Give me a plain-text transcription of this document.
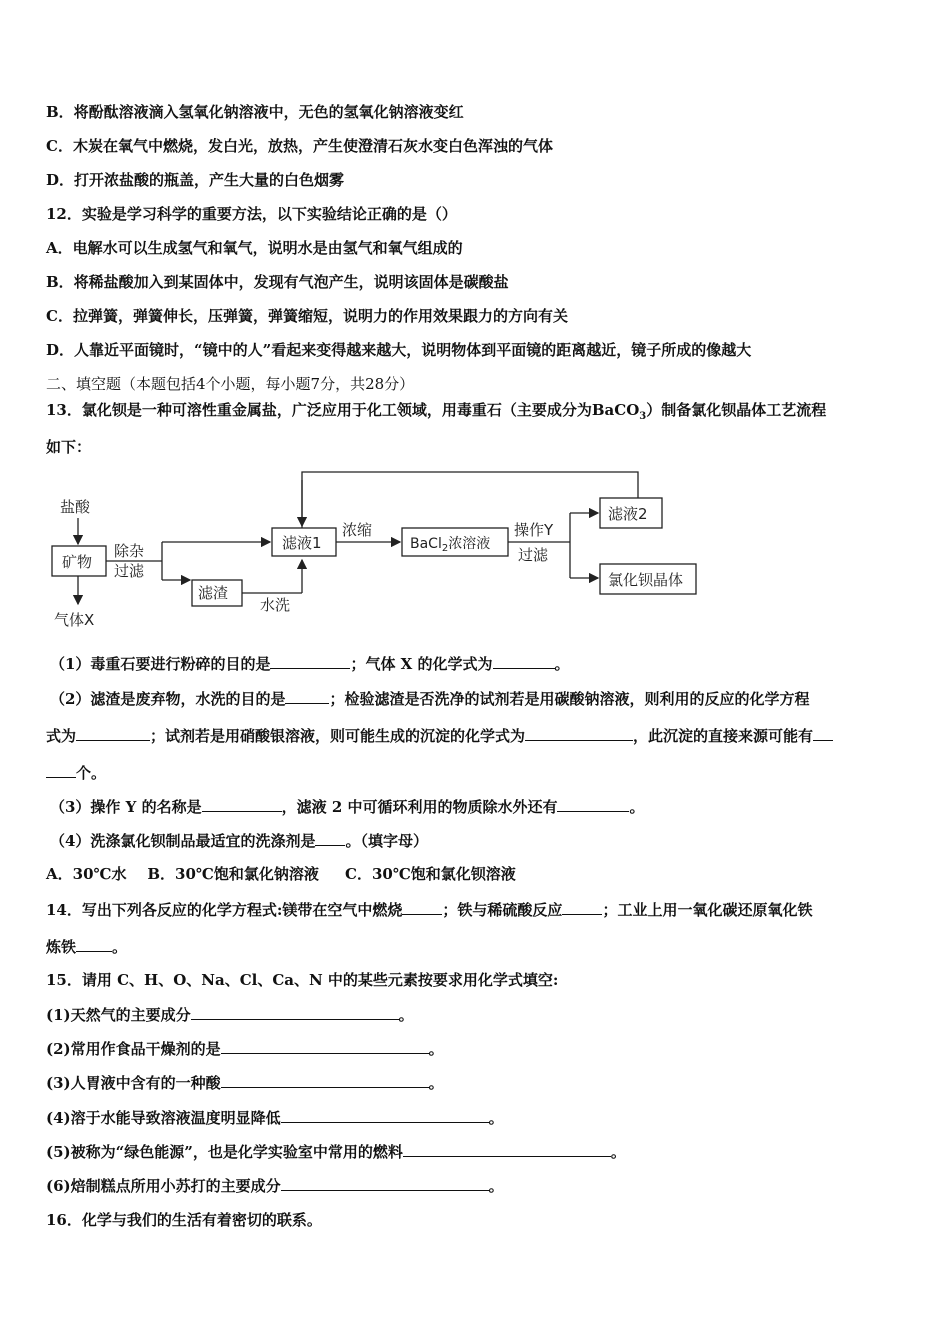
B．将酚酞溶液滴入氢氧化钠溶液中，无色的氢氧化钠溶液变红
C．木炭在氧气中燃烧，发白光，放热，产生使澄清石灰水变白色浑浊的气体
D．打开浓盐酸的瓶盖，产生大量的白色烟雾
12．实验是学习科学的重要方法，以下实验结论正确的是（）
A．电解水可以生成氢气和氧气，说明水是由氢气和氧气组成的
B．将稀盐酸加入到某固体中，发现有气泡产生，说明该固体是碳酸盐
C．拉弹簧，弹簧伸长，压弹簧，弹簧缩短，说明力的作用效果跟力的方向有关
D．人靠近平面镜时，“镜中的人”看起来变得越来越大，说明物体到平面镜的距离越近，镜子所成的像越大
二、填空题（本题包括4个小题，每小题7分，共28分）
13．氯化钡是一种可溶性重金属盐，广泛应用于化工领域，用毒重石（主要成分为BaCO$_3$）制备氯化钡晶体工艺流程
如下：
盐酸
矿物
气体X
除杂
过滤
滤渣
水洗
滤液1
浓缩
BaCl$_2$浓溶液
操作Y
过滤
滤液2
氯化钡晶体
（1）毒重石要进行粉碎的目的是	；气体 X 的化学式为	。
（2）滤渣是废弃物，水洗的目的是	；检验滤渣是否洗净的试剂若是用碳酸钠溶液，则利用的反应的化学方程
式为	；试剂若是用硝酸银溶液，则可能生成的沉淀的化学式为	，此沉淀的直接来源可能有
个。
（3）操作 Y 的名称是	，滤液 2 中可循环利用的物质除水外还有	。
（4）洗涤氯化钡制品最适宜的洗涤剂是 。（填字母）
A．30℃水    B．30℃饱和氯化钠溶液     C．30℃饱和氯化钡溶液
14．写出下列各反应的化学方程式:镁带在空气中燃烧	；铁与稀硫酸反应	；工业上用一氧化碳还原氧化铁
炼铁 。
15．请用 C、H、O、Na、Cl、Ca、N 中的某些元素按要求用化学式填空:
(1)天然气的主要成分	。
(2)常用作食品干燥剂的是	。
(3)人胃液中含有的一种酸	。
(4)溶于水能导致溶液温度明显降低	。
(5)被称为“绿色能源”，也是化学实验室中常用的燃料	。
(6)焙制糕点所用小苏打的主要成分	。
16．化学与我们的生活有着密切的联系。
